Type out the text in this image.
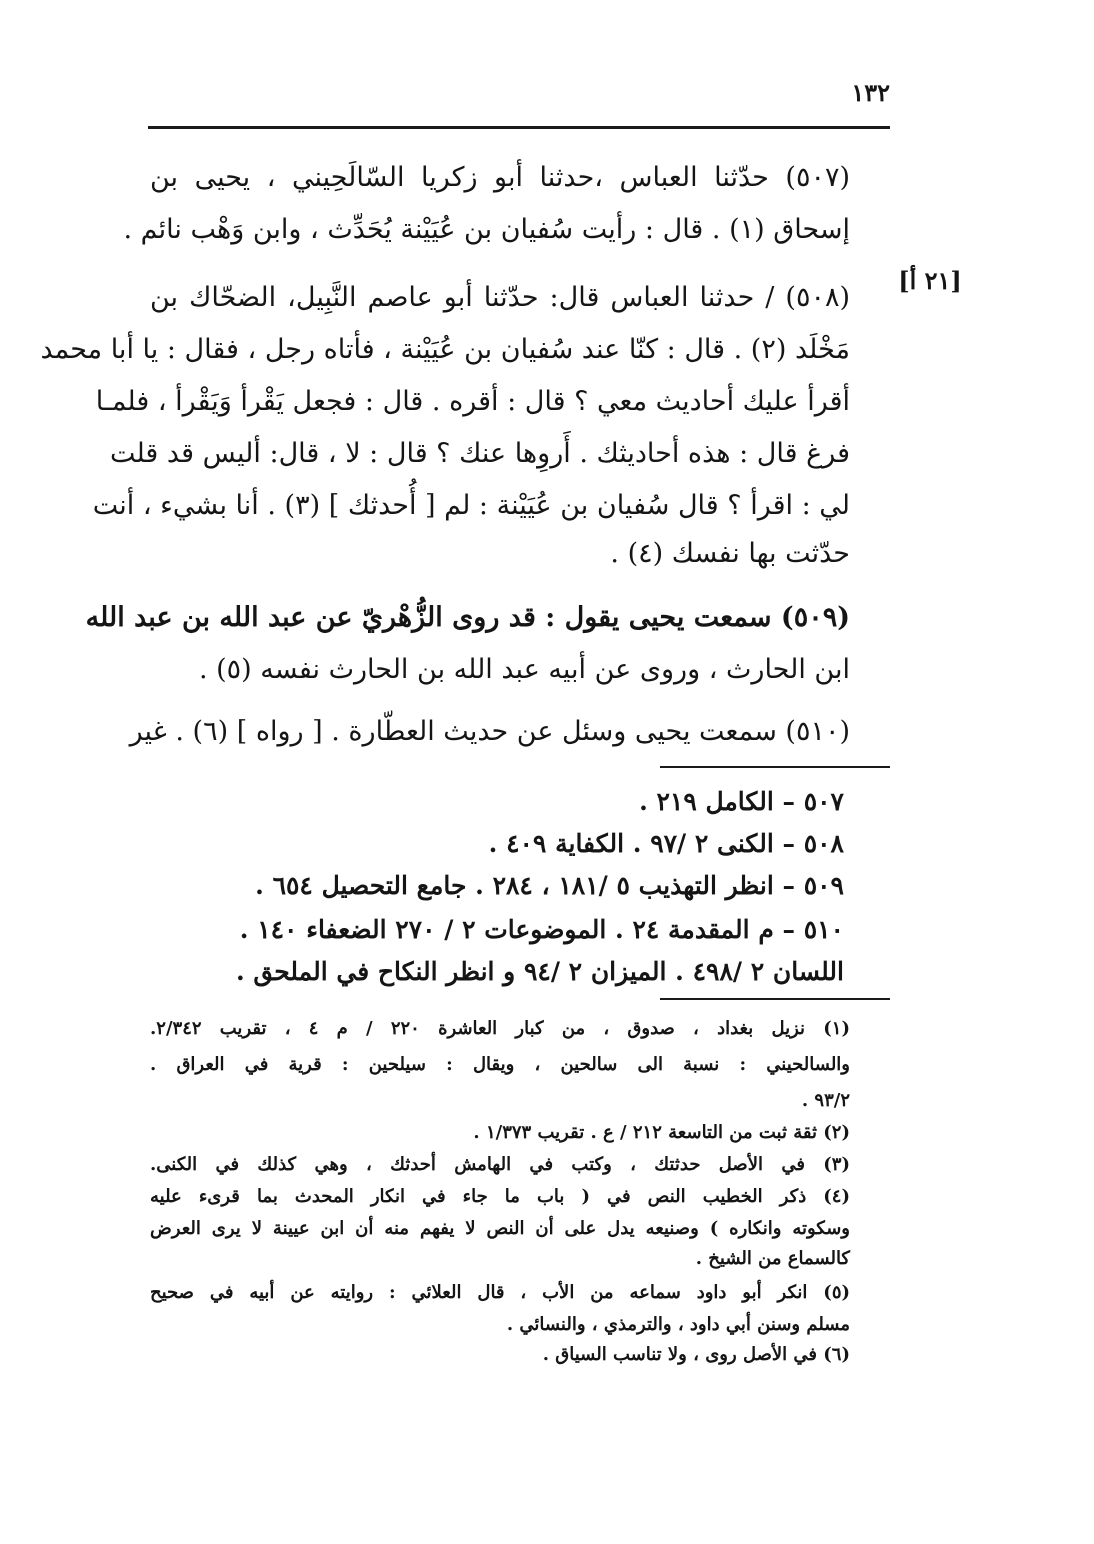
١٣٢
[٢١ أ]
(٥٠٧) حدّثنا العباس ،حدثنا أبو زكريا السّالَحِيني ، يحيى بن
إسحاق (١) . قال : رأيت سُفيان بن عُيَيْنة يُحَدِّث ، وابن وَهْب نائم .
(٥٠٨) / حدثنا العباس قال: حدّثنا أبو عاصم النَّبِيل، الضحّاك بن
مَخْلَد (٢) . قال : كنّا عند سُفيان بن عُيَيْنة ، فأتاه رجل ، فقال : يا أبا محمد
أقرأ عليك أحاديث معي ؟ قال : أقره . قال : فجعل يَقْرأ وَيَقْرأ ، فلمـا
فرغ قال : هذه أحاديثك . أَروِها عنك ؟ قال : لا ، قال: أليس قد قلت
لي : اقرأ ؟ قال سُفيان بن عُيَيْنة : لم [ أُحدثك ] (٣) . أنا بشيء ، أنت
حدّثت بها نفسك (٤) .
(٥٠٩) سمعت يحيى يقول : قد روى الزُّهْريّ عن عبد الله بن عبد الله
ابن الحارث ، وروى عن أبيه عبد الله بن الحارث نفسه (٥) .
(٥١٠) سمعت يحيى وسئل عن حديث العطّارة . [ رواه ] (٦) . غير
٥٠٧ – الكامل ٢١٩ .
٥٠٨ – الكنى ٢ /٩٧ . الكفاية ٤٠٩ .
٥٠٩ – انظر التهذيب ٥ /١٨١ ، ٢٨٤ . جامع التحصيل ٦٥٤ .
٥١٠ – م المقدمة ٢٤ . الموضوعات ٢ / ٢٧٠ الضعفاء ١٤٠ .
اللسان ٢ /٤٩٨ . الميزان ٢ /٩٤ و انظر النكاح في الملحق .
(١) نزيل بغداد ، صدوق ، من كبار العاشرة ٢٢٠ / م ٤ ، تقريب ٢/٣٤٢.
والسالحيني : نسبة الى سالحين ، ويقال : سيلحين : قرية في العراق .
٩٣/٢ .
(٢) ثقة ثبت من التاسعة ٢١٢ / ع . تقريب ١/٣٧٣ .
(٣) في الأصل حدثتك ، وكتب في الهامش أحدثك ، وهي كذلك في الكنى.
(٤) ذكر الخطيب النص في ( باب ما جاء في انكار المحدث بما قرىء عليه
وسكوته وانكاره ) وصنيعه يدل على أن النص لا يفهم منه أن ابن عيينة لا يرى العرض
كالسماع من الشيخ .
(٥) انكر أبو داود سماعه من الأب ، قال العلائي : روايته عن أبيه في صحيح
مسلم وسنن أبي داود ، والترمذي ، والنسائي .
(٦) في الأصل روى ، ولا تناسب السياق .
